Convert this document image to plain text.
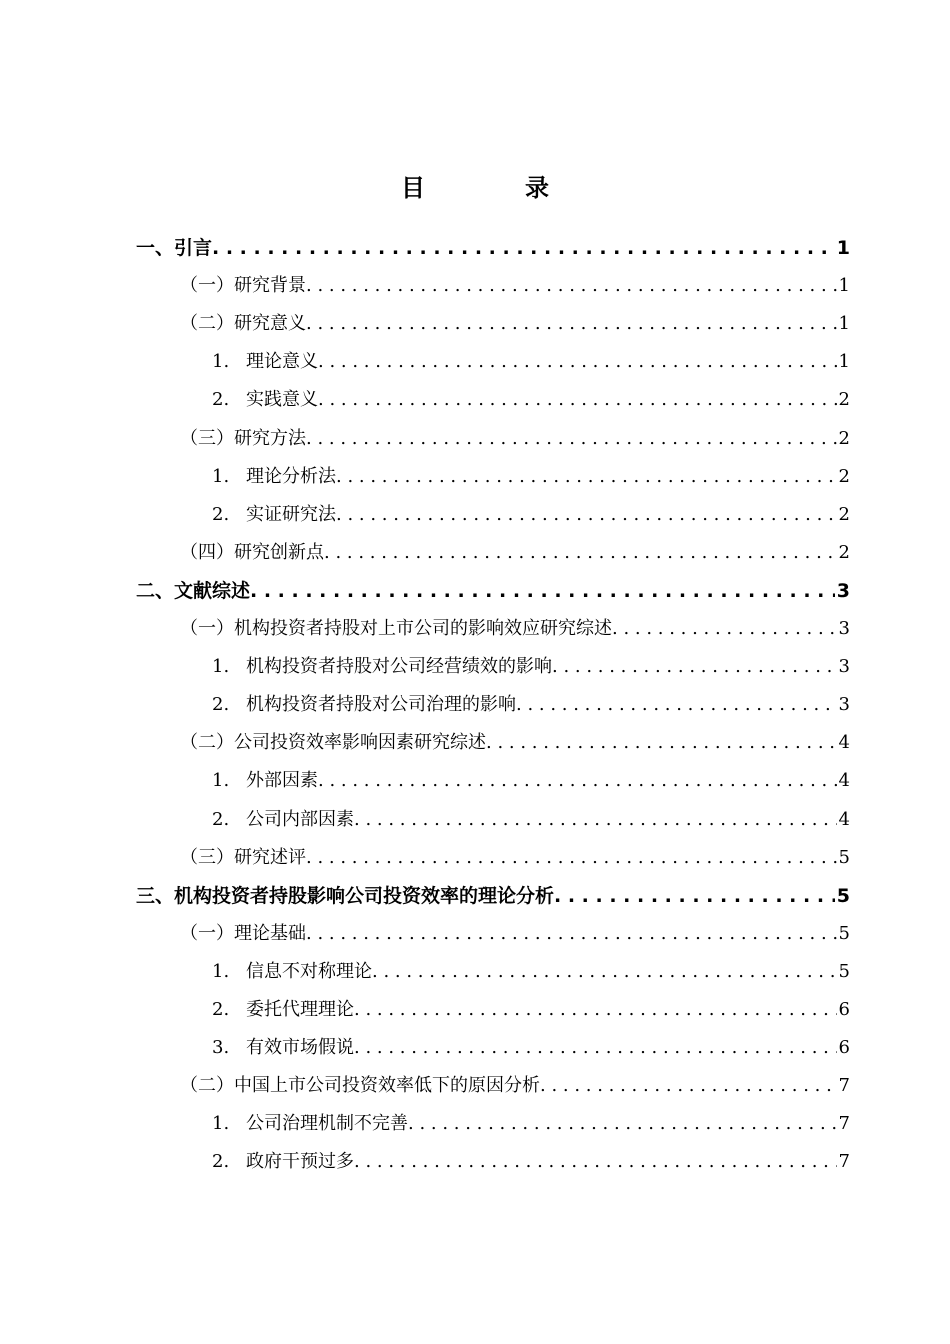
目	录
一、引言 . . .	1
（一）研究背景 . . .	1
（二）研究意义 . . .	1
1. 理论意义 . . .	1
2. 实践意义 . . .	2
（三）研究方法 . . .	2
1. 理论分析法 . . .	2
2. 实证研究法 . . .	2
（四）研究创新点 . . .	2
二、文献综述 . . .	3
（一）机构投资者持股对上市公司的影响效应研究综述 . . .	3
1. 机构投资者持股对公司经营绩效的影响 . . .	3
2. 机构投资者持股对公司治理的影响 . . .	3
（二）公司投资效率影响因素研究综述 . . .	4
1. 外部因素 . . .	4
2. 公司内部因素 . . .	4
（三）研究述评 . . .	5
三、机构投资者持股影响公司投资效率的理论分析 . . .	5
（一）理论基础 . . .	5
1. 信息不对称理论 . . .	5
2. 委托代理理论 . . .	6
3. 有效市场假说 . . .	6
（二）中国上市公司投资效率低下的原因分析 . . .	7
1. 公司治理机制不完善 . . .	7
2. 政府干预过多 . . .	7
